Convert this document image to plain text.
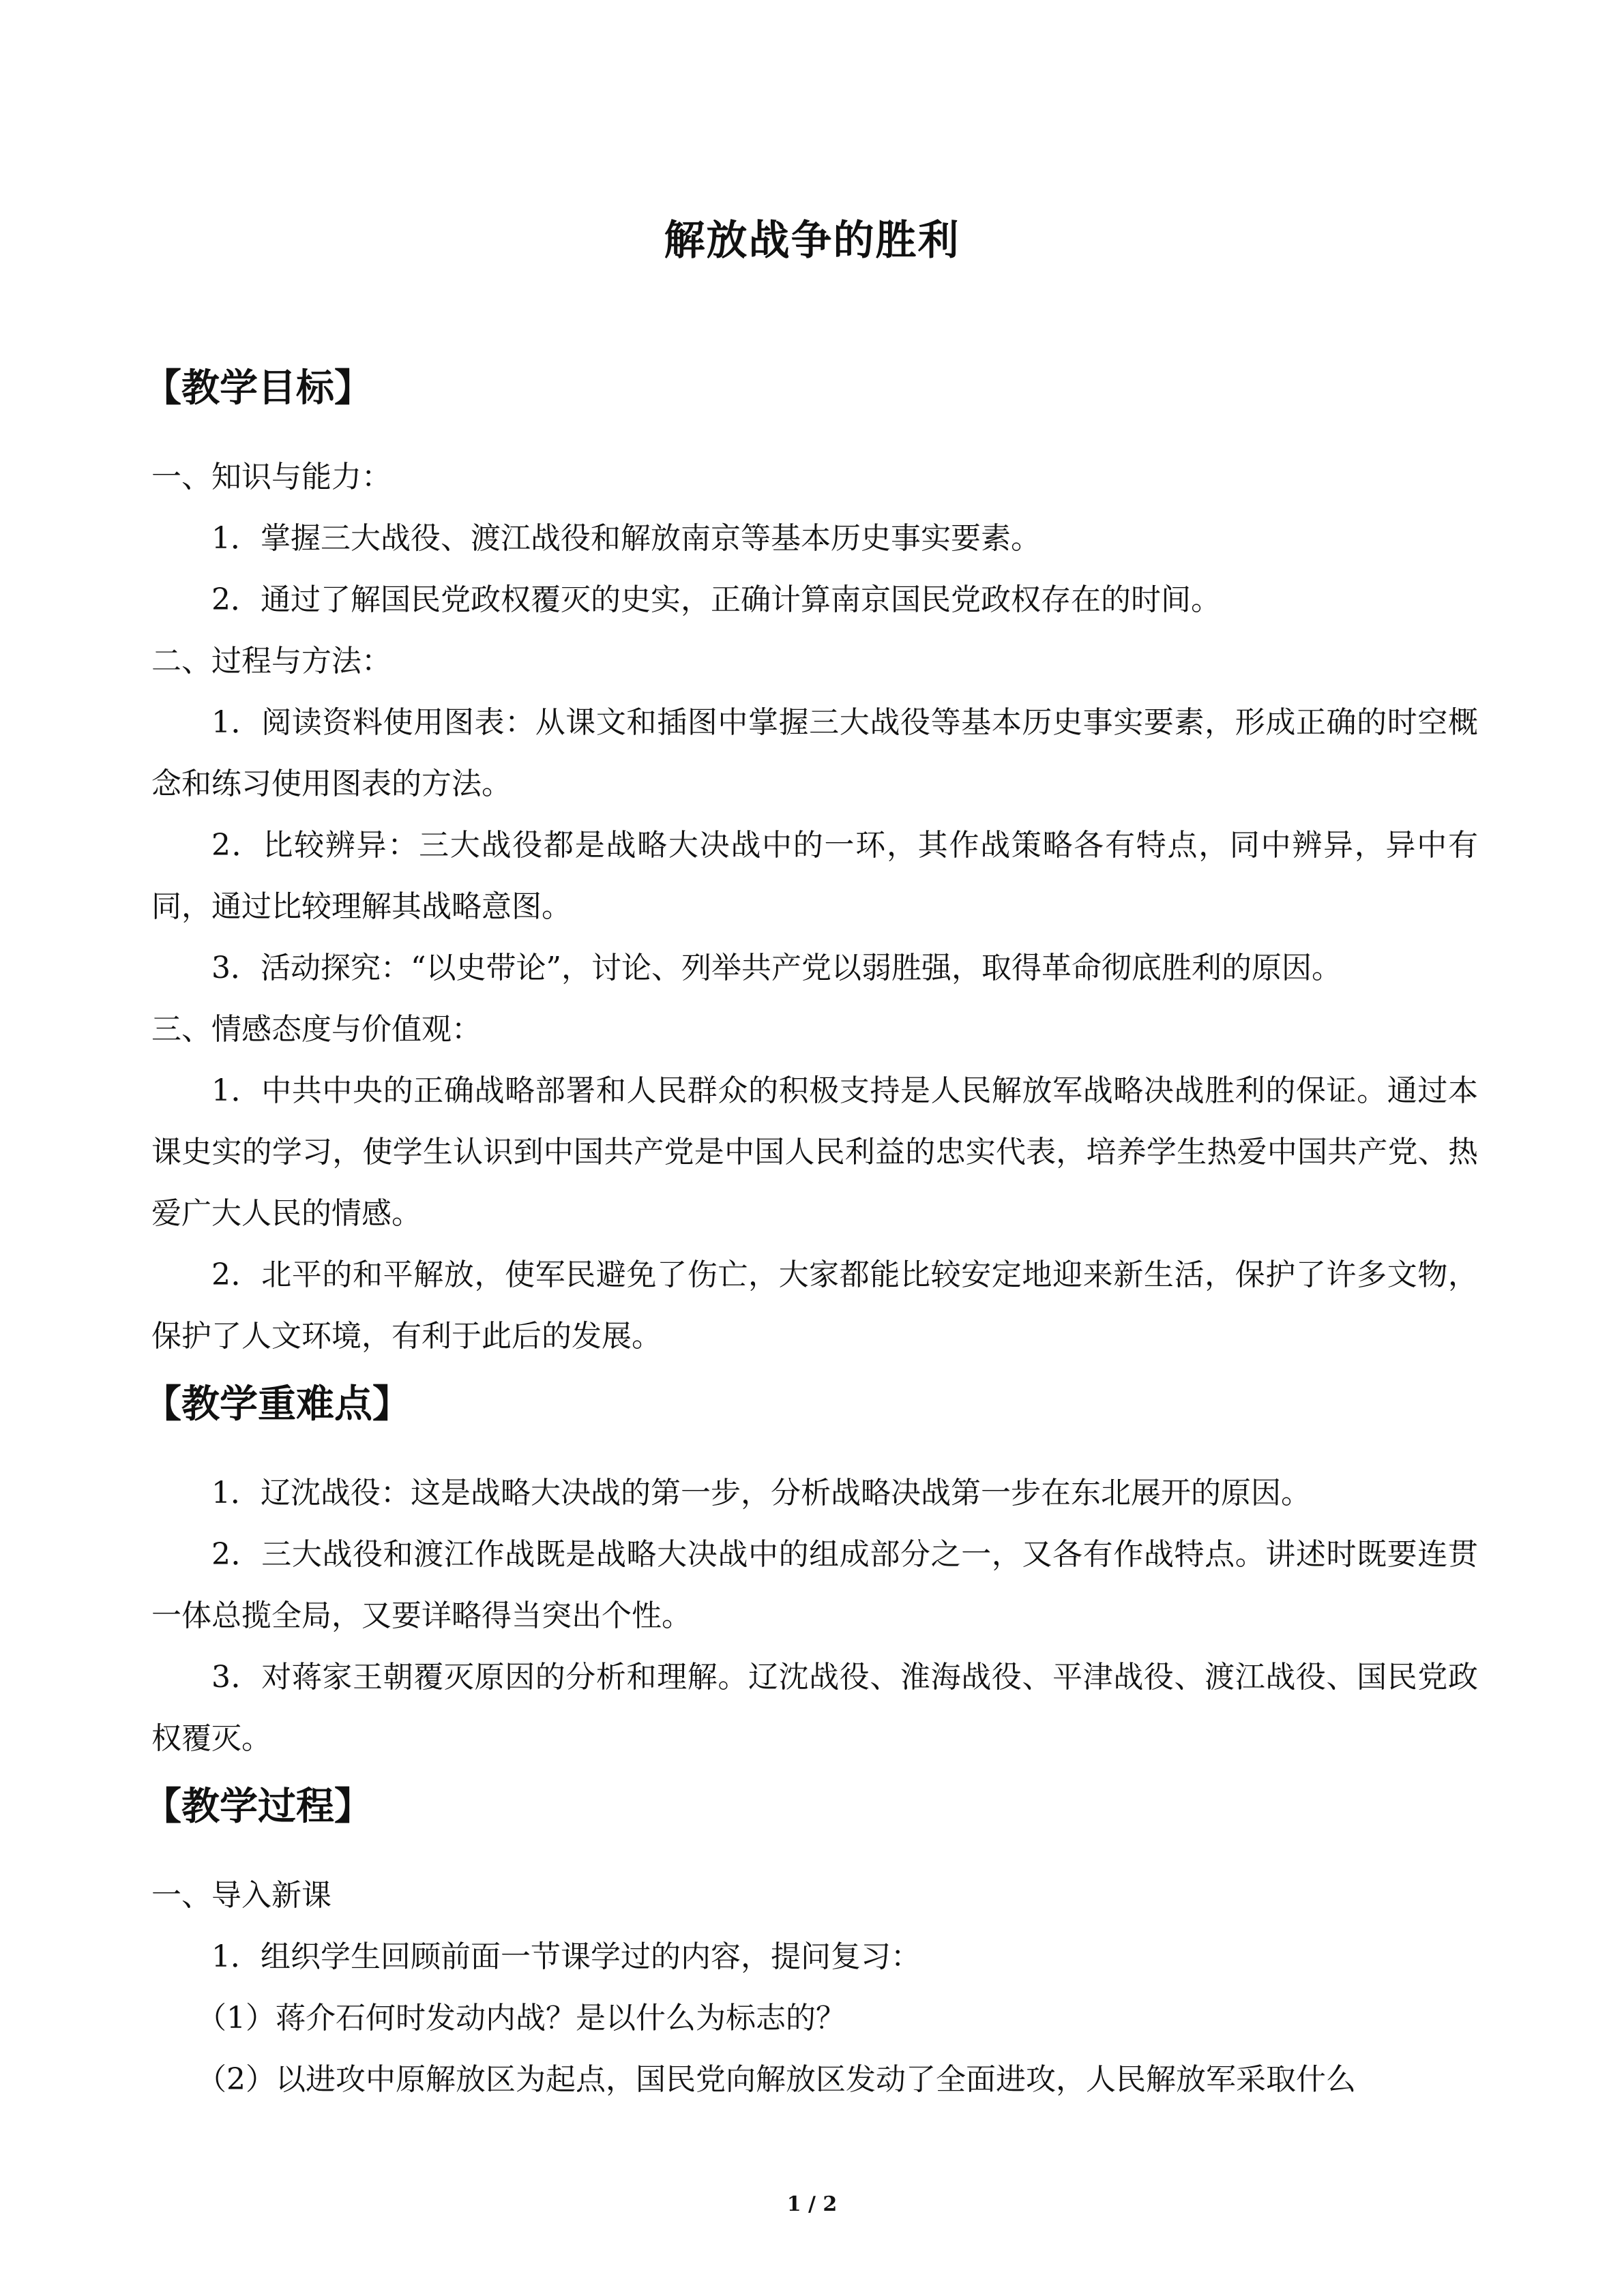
解放战争的胜利
【教学目标】

一、知识与能力：

1．掌握三大战役、渡江战役和解放南京等基本历史事实要素。

2．通过了解国民党政权覆灭的史实，正确计算南京国民党政权存在的时间。

二、过程与方法：

1．阅读资料使用图表：从课文和插图中掌握三大战役等基本历史事实要素，形成正确的时空概念和练习使用图表的方法。

2．比较辨异：三大战役都是战略大决战中的一环，其作战策略各有特点，同中辨异，异中有同，通过比较理解其战略意图。

3．活动探究：“以史带论”，讨论、列举共产党以弱胜强，取得革命彻底胜利的原因。

三、情感态度与价值观：

1．中共中央的正确战略部署和人民群众的积极支持是人民解放军战略决战胜利的保证。通过本课史实的学习，使学生认识到中国共产党是中国人民利益的忠实代表，培养学生热爱中国共产党、热爱广大人民的情感。

2．北平的和平解放，使军民避免了伤亡，大家都能比较安定地迎来新生活，保护了许多文物，保护了人文环境，有利于此后的发展。

【教学重难点】

1．辽沈战役：这是战略大决战的第一步，分析战略决战第一步在东北展开的原因。

2．三大战役和渡江作战既是战略大决战中的组成部分之一，又各有作战特点。讲述时既要连贯一体总揽全局，又要详略得当突出个性。

3．对蒋家王朝覆灭原因的分析和理解。辽沈战役、淮海战役、平津战役、渡江战役、国民党政权覆灭。

【教学过程】

一、导入新课

1．组织学生回顾前面一节课学过的内容，提问复习：

（1）蒋介石何时发动内战？是以什么为标志的？

（2）以进攻中原解放区为起点，国民党向解放区发动了全面进攻，人民解放军采取什么

1 / 2
